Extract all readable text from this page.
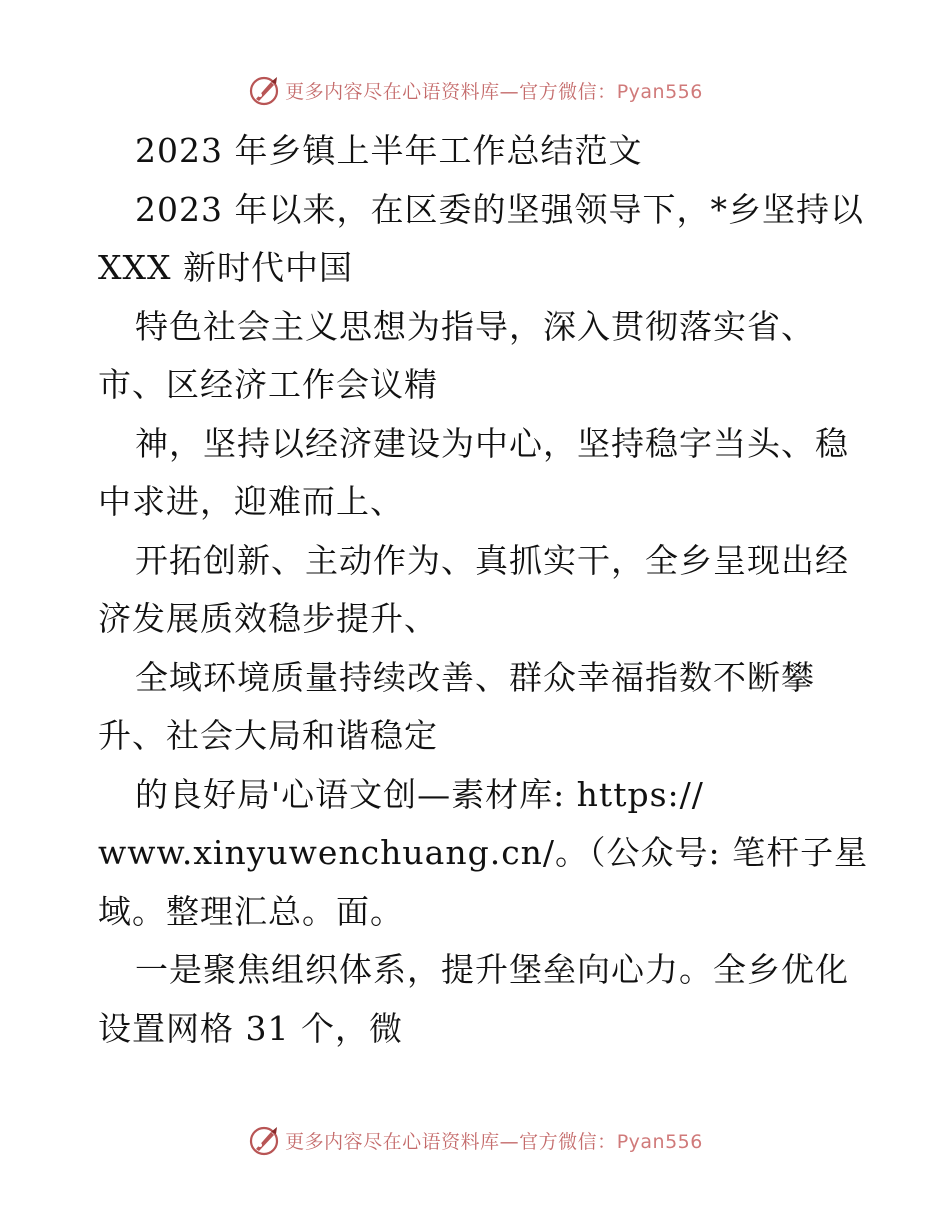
更多内容尽在心语资料库—官方微信：Pyan556
2023 年乡镇上半年工作总结范文
2023 年以来，在区委的坚强领导下，*乡坚持以
XXX 新时代中国
特色社会主义思想为指导，深入贯彻落实省、
市、区经济工作会议精
神，坚持以经济建设为中心，坚持稳字当头、稳
中求进，迎难而上、
开拓创新、主动作为、真抓实干，全乡呈现出经
济发展质效稳步提升、
全域环境质量持续改善、群众幸福指数不断攀
升、社会大局和谐稳定
的良好局'心语文创—素材库: https://
www.xinyuwenchuang.cn/。（公众号: 笔杆子星
域。整理汇总。面。
一是聚焦组织体系，提升堡垒向心力。全乡优化
设置网格 31 个，微
更多内容尽在心语资料库—官方微信：Pyan556
